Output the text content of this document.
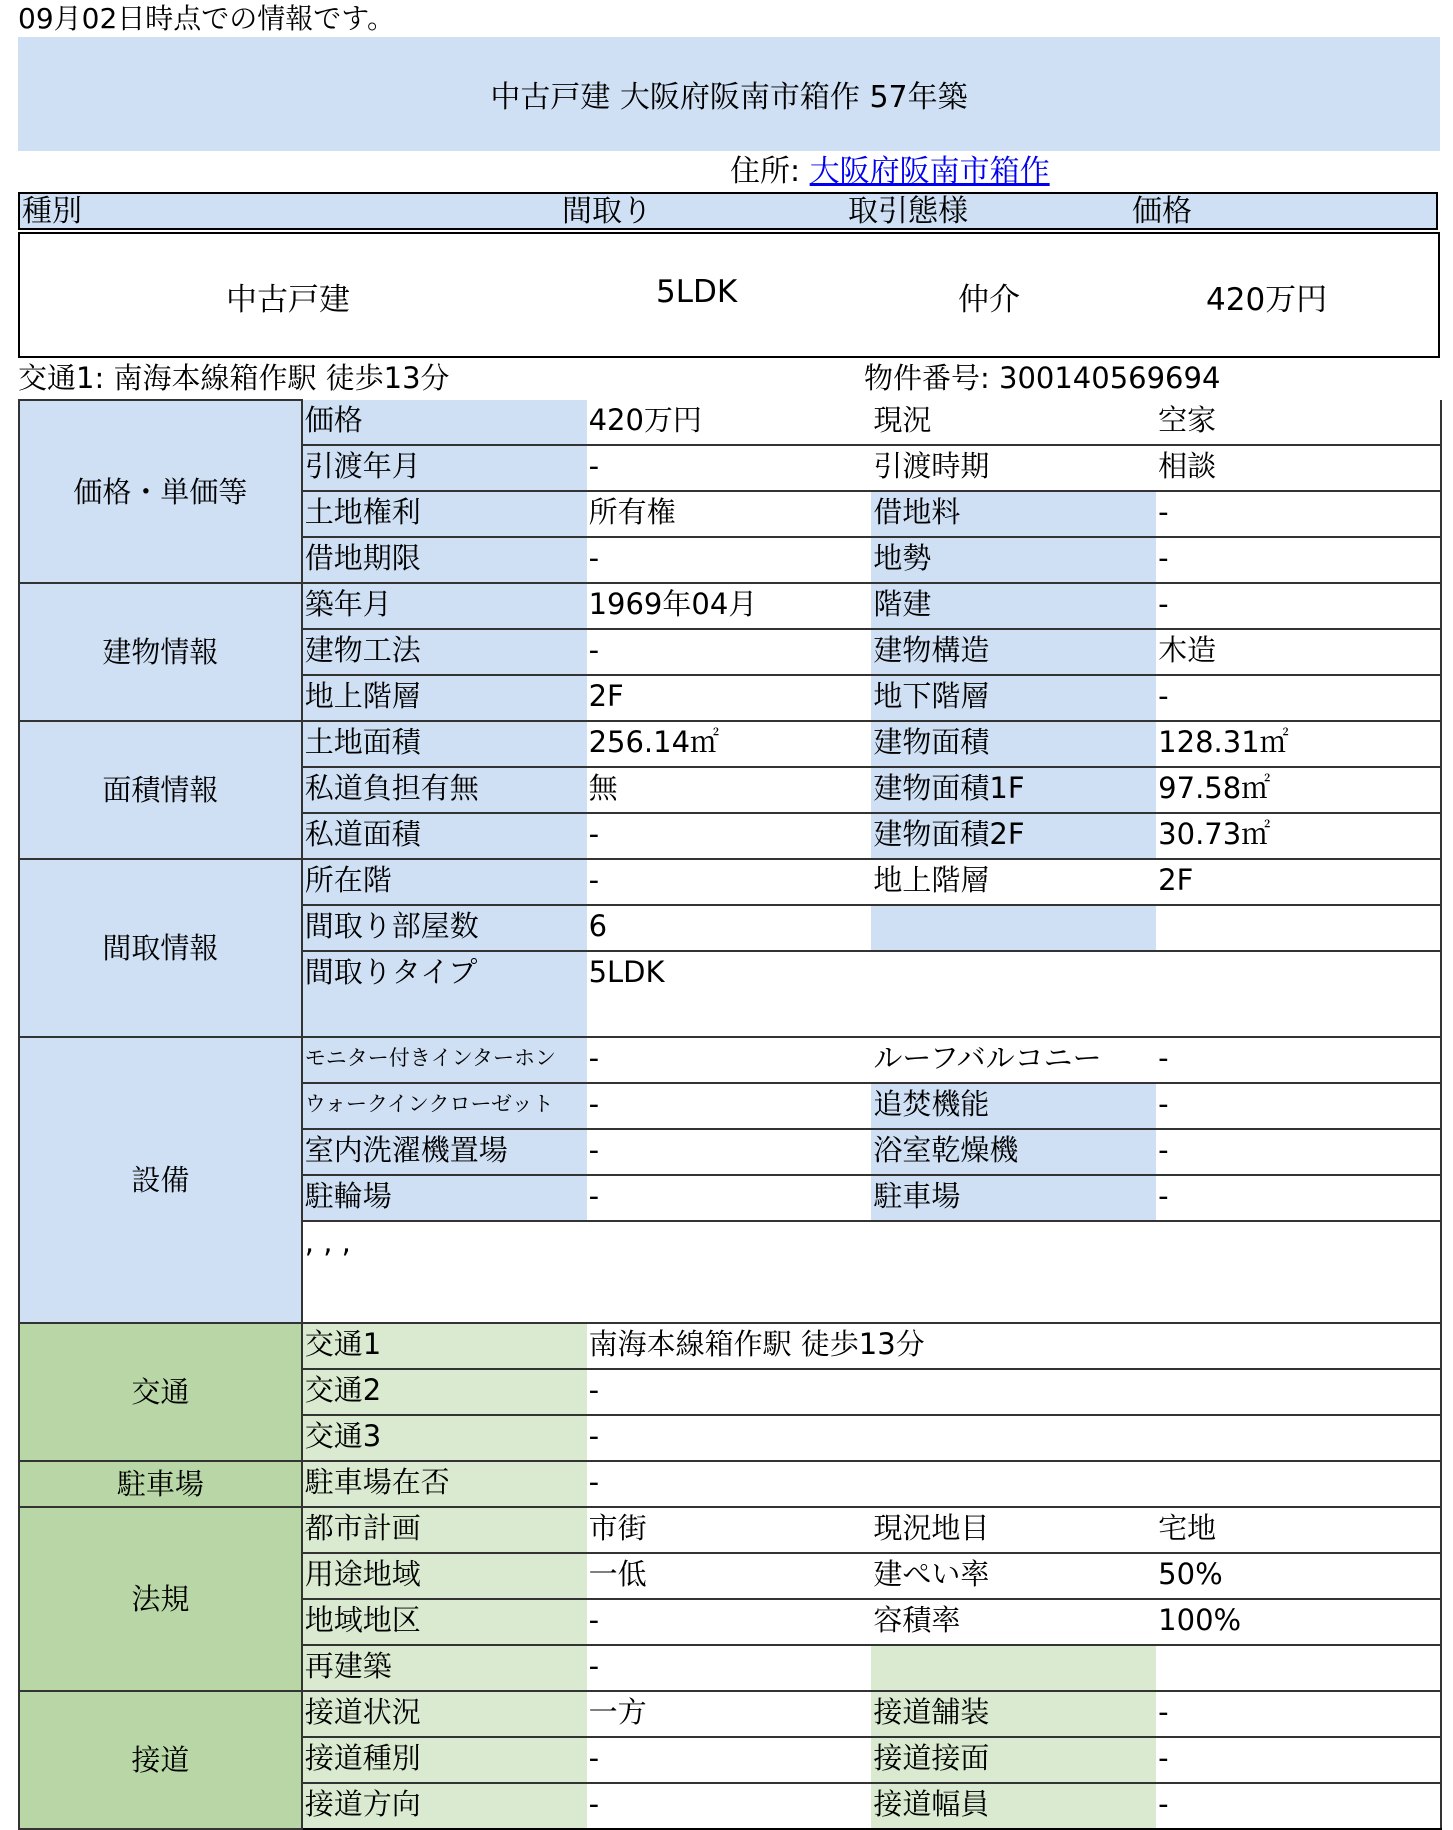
09月02日時点での情報です。
中古戸建 大阪府阪南市箱作 57年築
住所: 大阪府阪南市箱作
種別	間取り	取引態様	価格
中古戸建	5LDK	仲介	420万円
交通1: 南海本線箱作駅 徒歩13分	物件番号: 300140569694
価格・単価等	価格	420万円	現況	空家
	引渡年月	-	引渡時期	相談
	土地権利	所有権	借地料	-
	借地期限	-	地勢	-
建物情報	築年月	1969年04月	階建	-
	建物工法	-	建物構造	木造
	地上階層	2F	地下階層	-
面積情報	土地面積	256.14㎡	建物面積	128.31㎡
	私道負担有無	無	建物面積1F	97.58㎡
	私道面積	-	建物面積2F	30.73㎡
間取情報	所在階	-	地上階層	2F
	間取り部屋数	6		
	間取りタイプ	5LDK		
設備	モニター付きインターホン	-	ルーフバルコニー	-
	ウォークインクローゼット	-	追焚機能	-
	室内洗濯機置場	-	浴室乾燥機	-
	駐輪場	-	駐車場	-
	, , ,			
交通	交通1	南海本線箱作駅 徒歩13分		
	交通2	-		
	交通3	-		
駐車場	駐車場在否	-		
法規	都市計画	市街	現況地目	宅地
	用途地域	一低	建ぺい率	50%
	地域地区	-	容積率	100%
	再建築	-		
接道	接道状況	一方	接道舗装	-
	接道種別	-	接道接面	-
	接道方向	-	接道幅員	-
